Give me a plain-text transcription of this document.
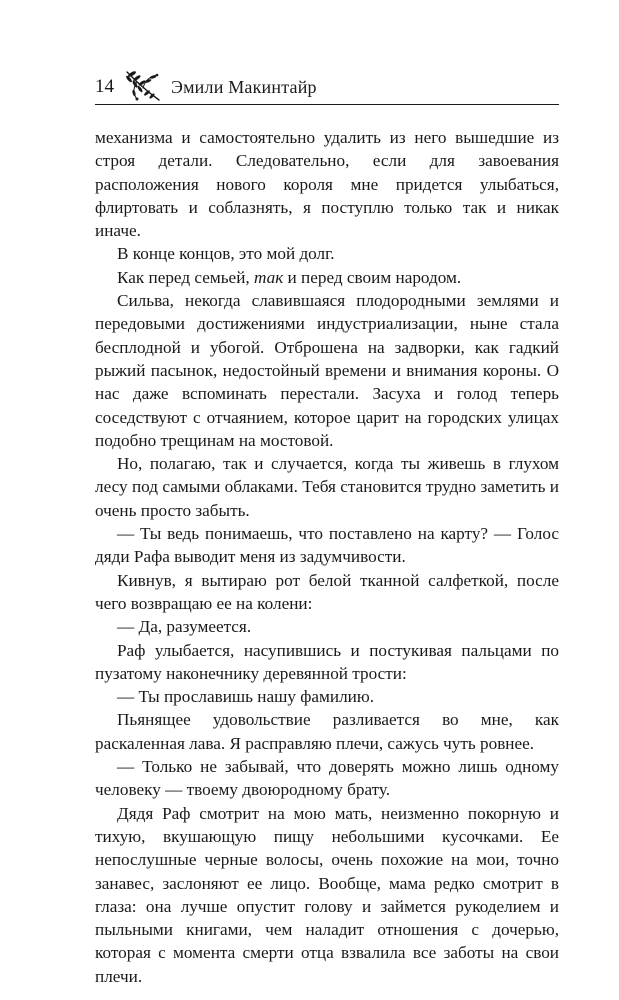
14	Эмили Макинтайр

механизма и самостоятельно удалить из него вышедшие из строя детали. Следовательно, если для завоевания расположения нового короля мне придется улыбаться, флиртовать и соблазнять, я поступлю только так и никак иначе.

В конце концов, это мой долг.

Как перед семьей, так и перед своим народом.

Сильва, некогда славившаяся плодородными землями и передовыми достижениями индустриализации, ныне стала бесплодной и убогой. Отброшена на задворки, как гадкий рыжий пасынок, недостойный времени и внимания короны. О нас даже вспоминать перестали. Засуха и голод теперь соседствуют с отчаянием, которое царит на городских улицах подобно трещинам на мостовой.

Но, полагаю, так и случается, когда ты живешь в глухом лесу под самыми облаками. Тебя становится трудно заметить и очень просто забыть.

— Ты ведь понимаешь, что поставлено на карту? — Голос дяди Рафа выводит меня из задумчивости.

Кивнув, я вытираю рот белой тканной салфеткой, после чего возвращаю ее на колени:

— Да, разумеется.

Раф улыбается, насупившись и постукивая пальцами по пузатому наконечнику деревянной трости:

— Ты прославишь нашу фамилию.

Пьянящее удовольствие разливается во мне, как раскаленная лава. Я расправляю плечи, сажусь чуть ровнее.

— Только не забывай, что доверять можно лишь одному человеку — твоему двоюродному брату.

Дядя Раф смотрит на мою мать, неизменно покорную и тихую, вкушающую пищу небольшими кусочками. Ее непослушные черные волосы, очень похожие на мои, точно занавес, заслоняют ее лицо. Вообще, мама редко смотрит в глаза: она лучше опустит голову и займется рукоделием и пыльными книгами, чем наладит отношения с дочерью, которая с момента смерти отца взвалила все заботы на свои плечи.
